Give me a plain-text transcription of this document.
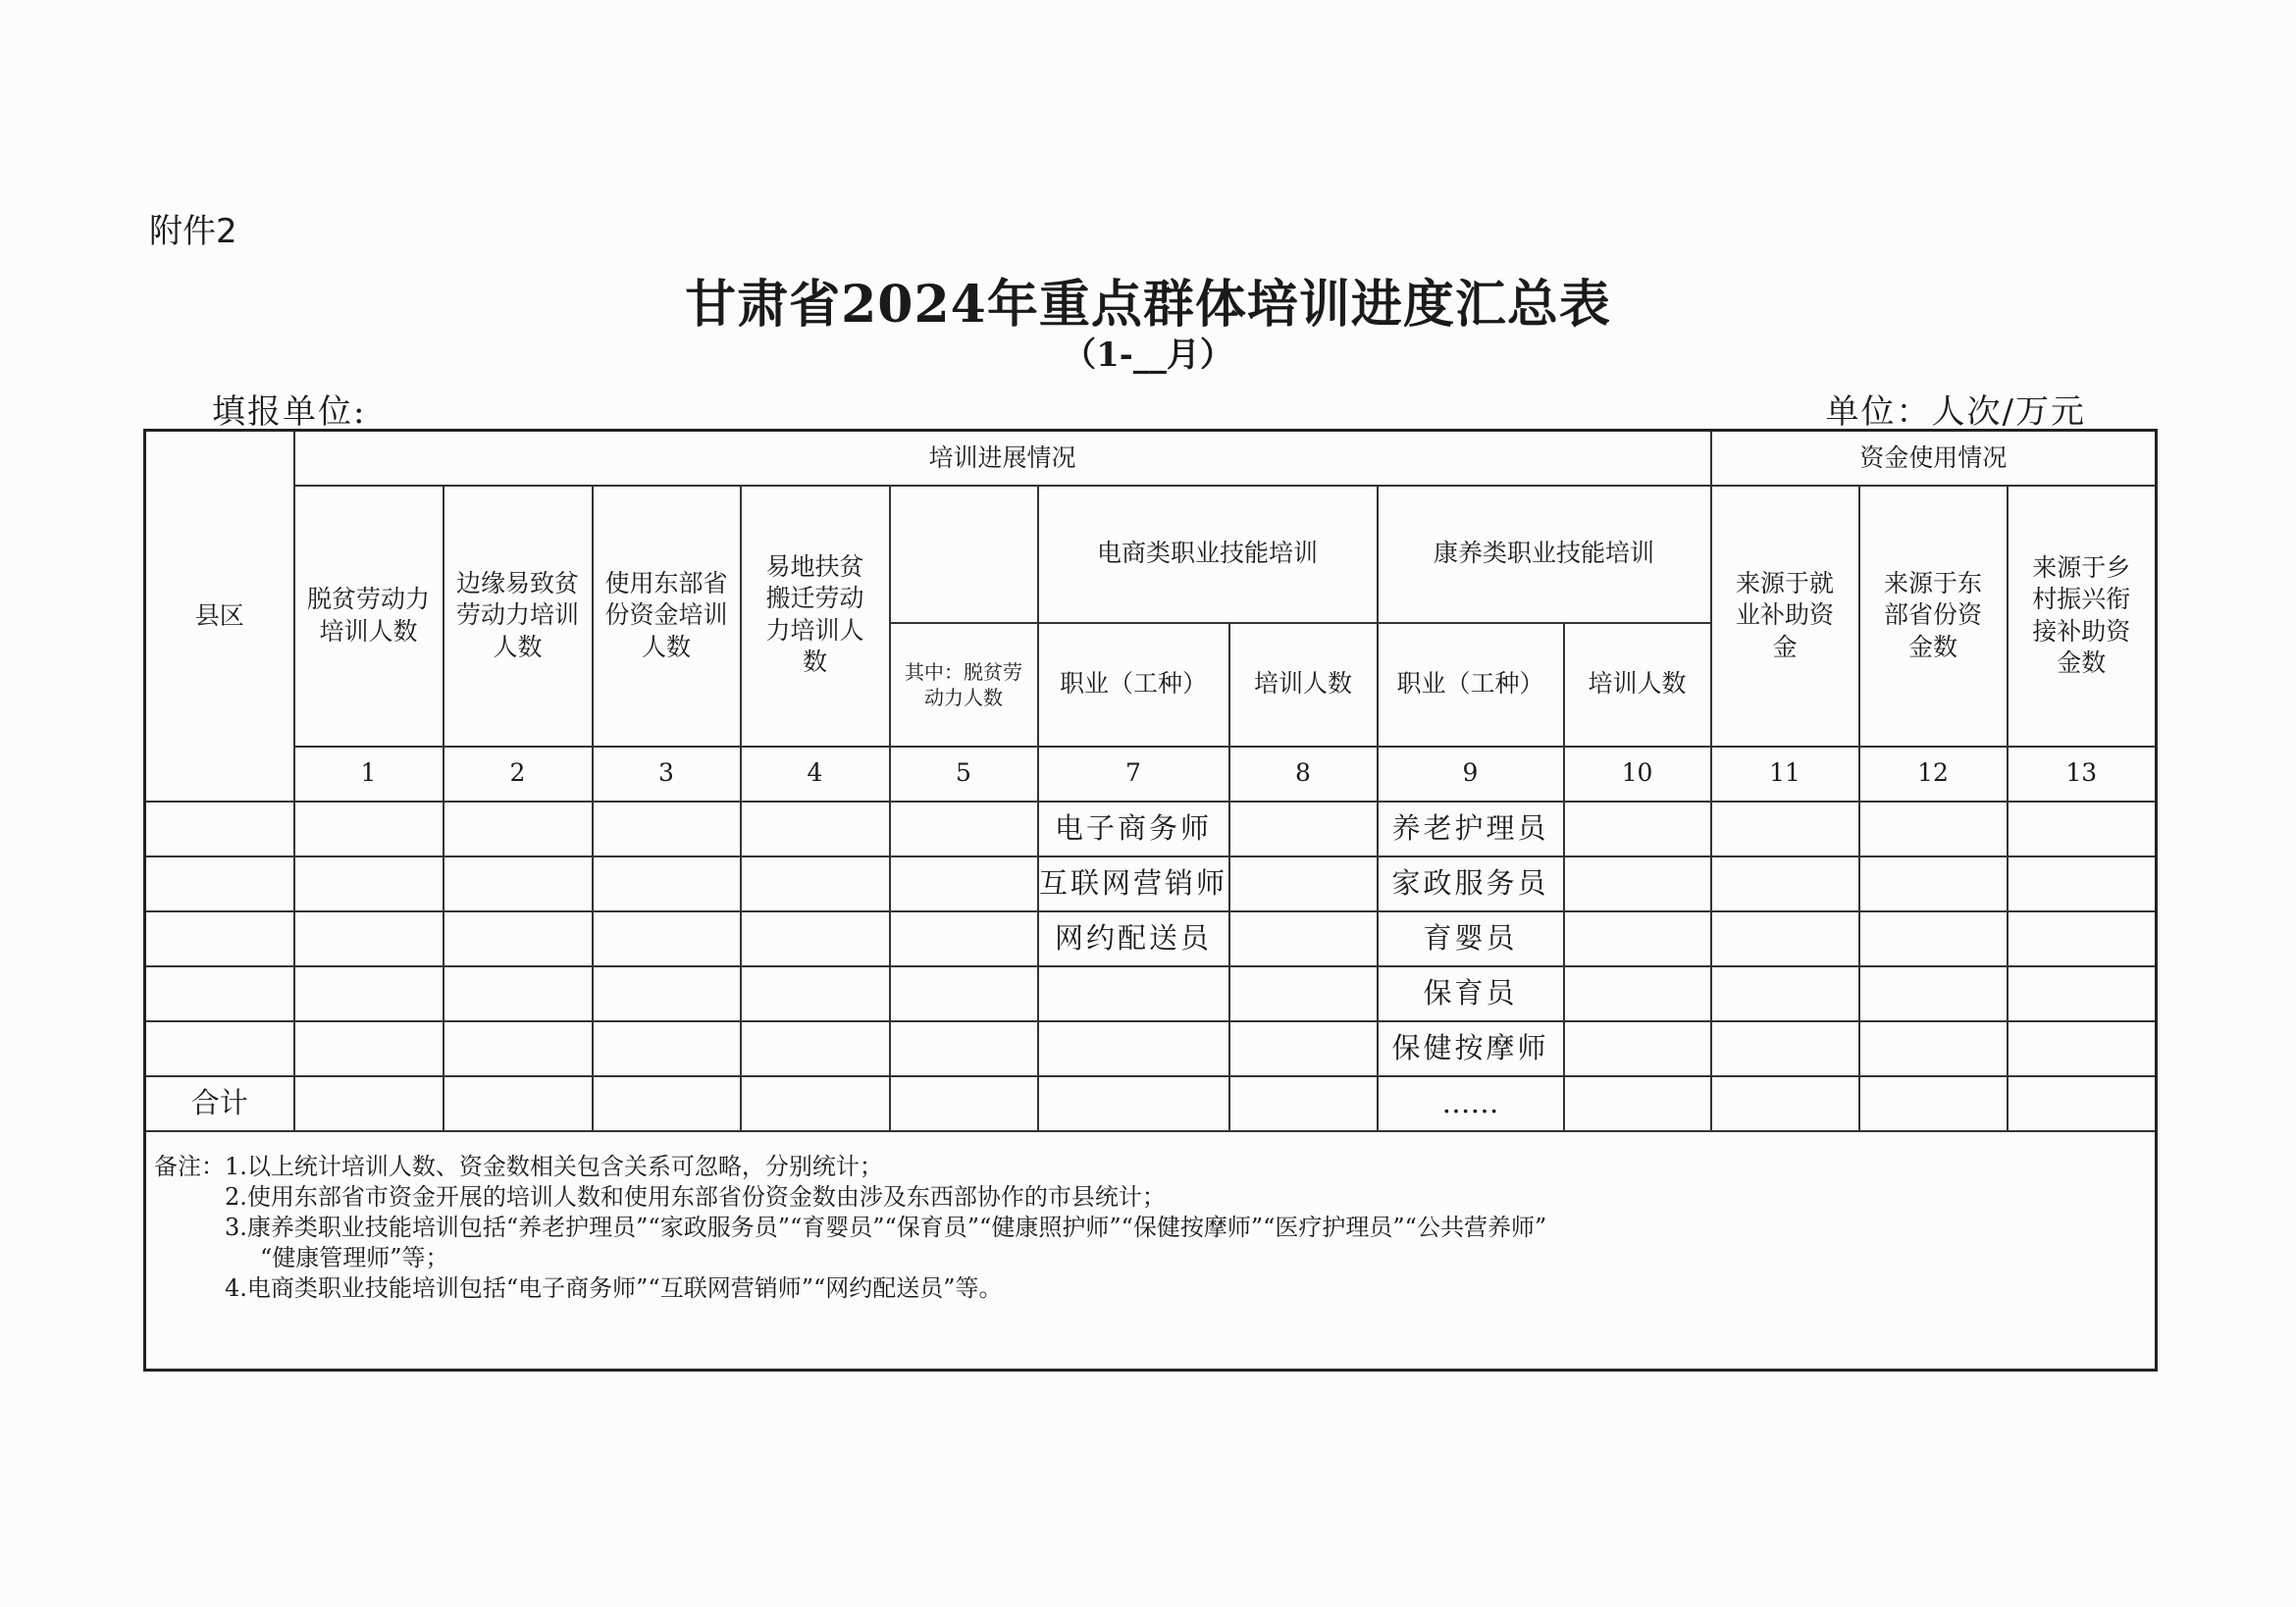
附件2
甘肃省2024年重点群体培训进度汇总表
（1-__月）
填报单位:	单位：人次/万元
县区	培训进展情况									资金使用情况		

	脱贫劳动力培训人数	边缘易致贫劳动力培训人数	使用东部省份资金培训人数	易地扶贫搬迁劳动力培训人数		电商类职业技能培训		康养类职业技能培训		来源于就业补助资金	来源于东部省份资金数	来源于乡村振兴衔接补助资金数

					其中：脱贫劳动力人数	职业（工种）	培训人数	职业（工种）	培训人数			
	1	2	3	4	5	7	8	9	10	11	12	13
						电子商务师		养老护理员				
						互联网营销师		家政服务员				
						网约配送员		育婴员				
								保育员				
								保健按摩师				
合计								……				

备注：1.以上统计培训人数、资金数相关包含关系可忽略，分别统计；
2.使用东部省市资金开展的培训人数和使用东部省份资金数由涉及东西部协作的市县统计；
3.康养类职业技能培训包括“养老护理员”“家政服务员”“育婴员”“保育员”“健康照护师”“保健按摩师”“医疗护理员”“公共营养师”
“健康管理师”等；
4.电商类职业技能培训包括“电子商务师”“互联网营销师”“网约配送员”等。												
